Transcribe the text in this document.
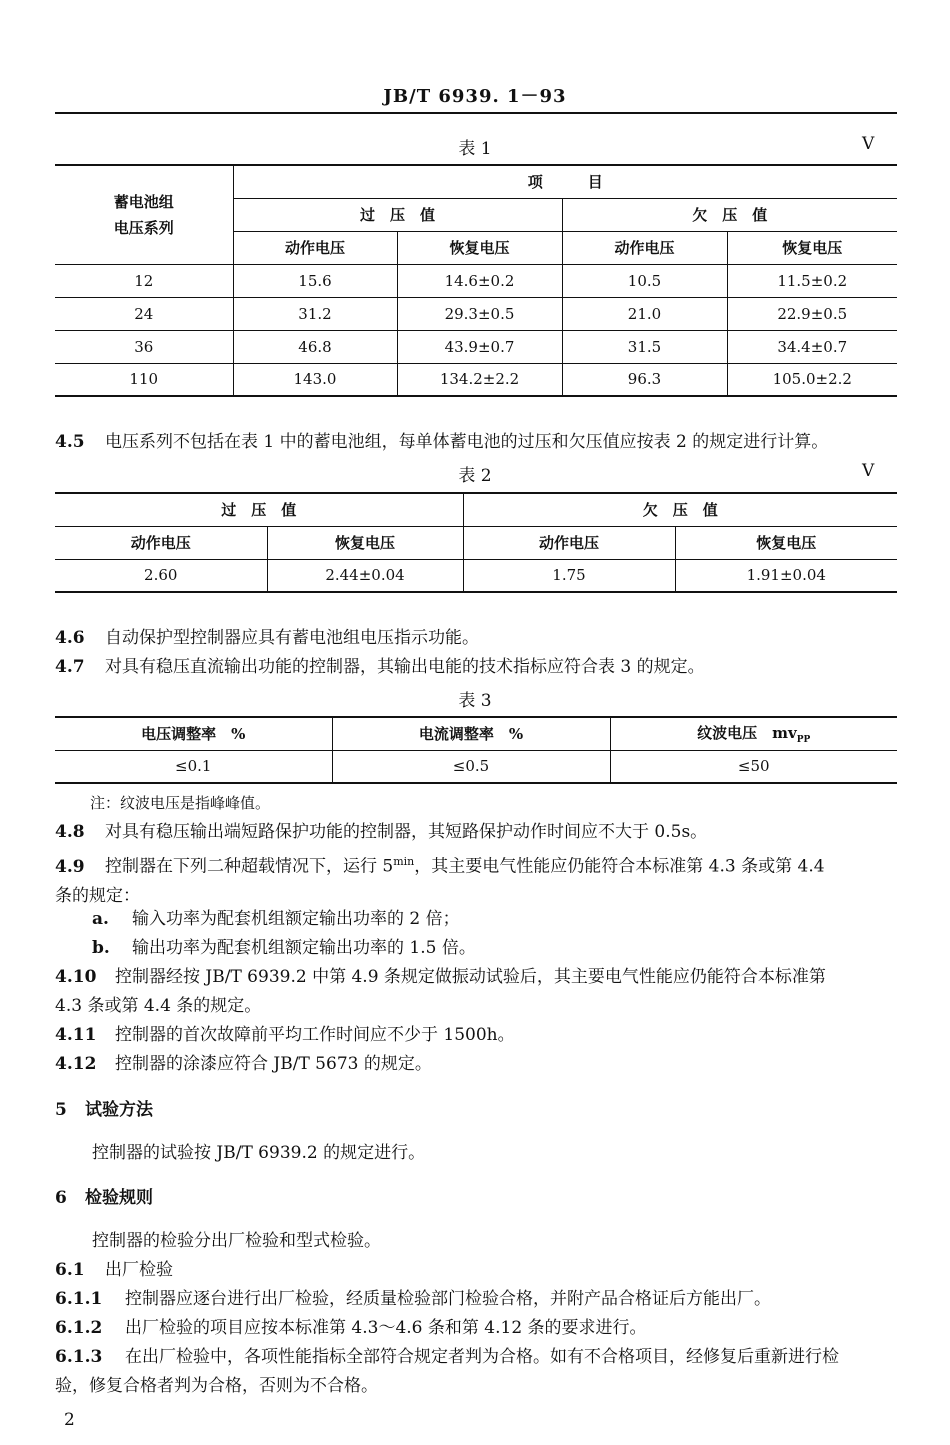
JB/T 6939. 1－93
表 1	V
蓄电池组
电压系列	项　　　目			
	过　压　值		欠　压　值	
	动作电压	恢复电压	动作电压	恢复电压
12	15.6	14.6±0.2	10.5	11.5±0.2
24	31.2	29.3±0.5	21.0	22.9±0.5
36	46.8	43.9±0.7	31.5	34.4±0.7
110	143.0	134.2±2.2	96.3	105.0±2.2
4.5 电压系列不包括在表 1 中的蓄电池组，每单体蓄电池的过压和欠压值应按表 2 的规定进行计算。
表 2	V
过　压　值		欠　压　值	
动作电压	恢复电压	动作电压	恢复电压
2.60	2.44±0.04	1.75	1.91±0.04
4.6 自动保护型控制器应具有蓄电池组电压指示功能。
4.7 对具有稳压直流输出功能的控制器，其输出电能的技术指标应符合表 3 的规定。
表 3
电压调整率　%	电流调整率　%	纹波电压　$mv_{PP}$
≤0.1	≤0.5	≤50
注：纹波电压是指峰峰值。
4.8 对具有稳压输出端短路保护功能的控制器，其短路保护动作时间应不大于 0.5s。
4.9 控制器在下列二种超载情况下，运行 $5^{min}$，其主要电气性能应仍能符合本标准第 4.3 条或第 4.4
条的规定：
a. 输入功率为配套机组额定输出功率的 2 倍；
b. 输出功率为配套机组额定输出功率的 1.5 倍。
4.10 控制器经按 JB/T 6939.2 中第 4.9 条规定做振动试验后，其主要电气性能应仍能符合本标准第
4.3 条或第 4.4 条的规定。
4.11 控制器的首次故障前平均工作时间应不少于 1500h。
4.12 控制器的涂漆应符合 JB/T 5673 的规定。
5 试验方法
控制器的试验按 JB/T 6939.2 的规定进行。
6 检验规则
控制器的检验分出厂检验和型式检验。
6.1 出厂检验
6.1.1 控制器应逐台进行出厂检验，经质量检验部门检验合格，并附产品合格证后方能出厂。
6.1.2 出厂检验的项目应按本标准第 4.3～4.6 条和第 4.12 条的要求进行。
6.1.3 在出厂检验中，各项性能指标全部符合规定者判为合格。如有不合格项目，经修复后重新进行检
验，修复合格者判为合格，否则为不合格。
2
